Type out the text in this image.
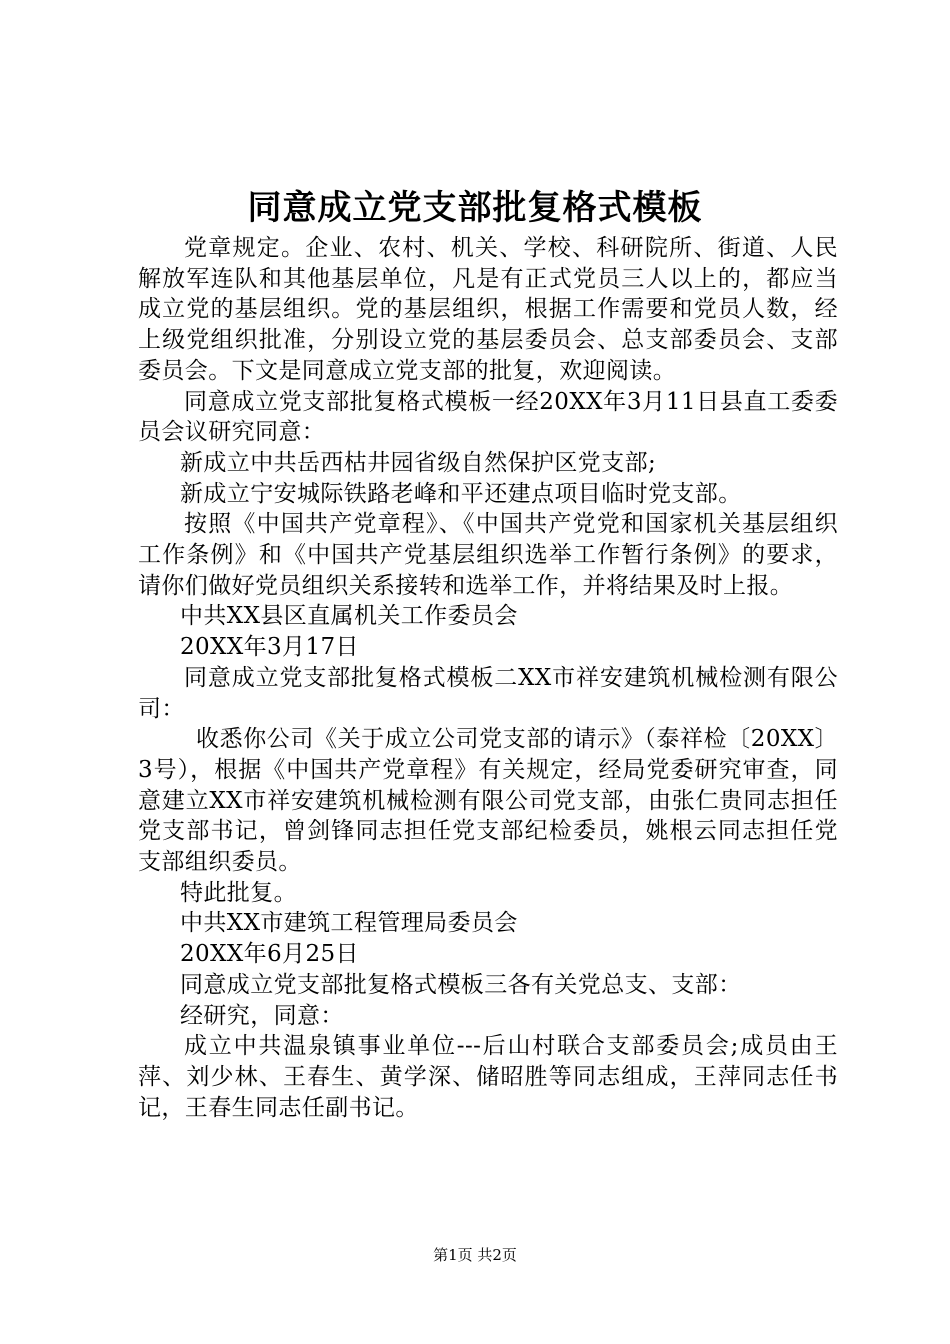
同意成立党支部批复格式模板

党章规定。企业、农村、机关、学校、科研院所、街道、人民解放军连队和其他基层单位，凡是有正式党员三人以上的，都应当成立党的基层组织。党的基层组织，根据工作需要和党员人数，经上级党组织批准，分别设立党的基层委员会、总支部委员会、支部委员会。下文是同意成立党支部的批复，欢迎阅读。

同意成立党支部批复格式模板一经20XX年3月11日县直工委委员会议研究同意：

新成立中共岳西枯井园省级自然保护区党支部;

新成立宁安城际铁路老峰和平还建点项目临时党支部。

按照《中国共产党章程》、《中国共产党党和国家机关基层组织工作条例》和《中国共产党基层组织选举工作暂行条例》的要求，请你们做好党员组织关系接转和选举工作，并将结果及时上报。

中共XX县区直属机关工作委员会

20XX年3月17日

同意成立党支部批复格式模板二XX市祥安建筑机械检测有限公司：

收悉你公司《关于成立公司党支部的请示》（泰祥检〔20XX〕3号），根据《中国共产党章程》有关规定，经局党委研究审查，同意建立XX市祥安建筑机械检测有限公司党支部，由张仁贵同志担任党支部书记，曾剑锋同志担任党支部纪检委员，姚根云同志担任党支部组织委员。

特此批复。

中共XX市建筑工程管理局委员会

20XX年6月25日

同意成立党支部批复格式模板三各有关党总支、支部：

经研究，同意：

成立中共温泉镇事业单位---后山村联合支部委员会;成员由王萍、刘少林、王春生、黄学深、储昭胜等同志组成，王萍同志任书记，王春生同志任副书记。

第1页 共2页
